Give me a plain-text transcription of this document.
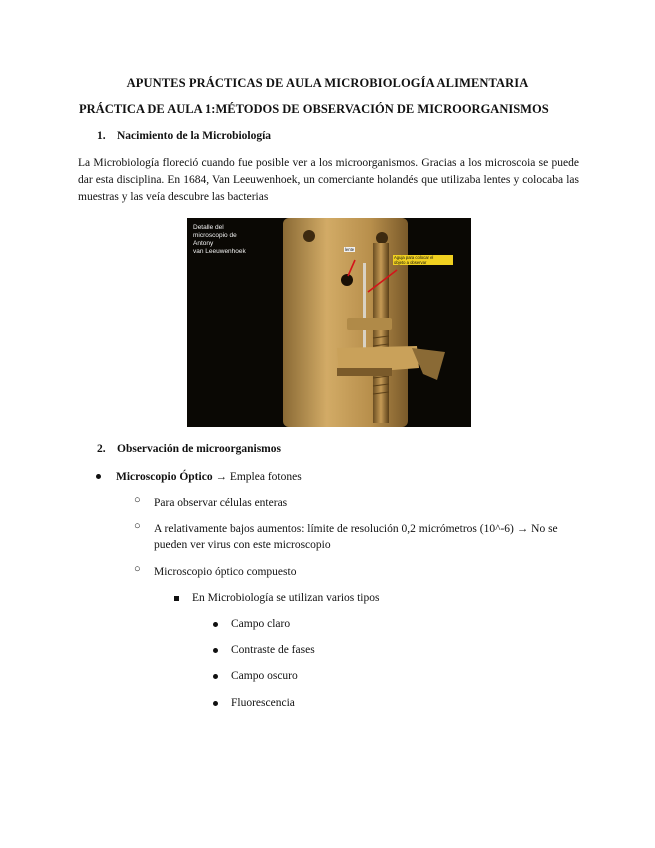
APUNTES PRÁCTICAS DE AULA MICROBIOLOGÍA ALIMENTARIA
PRÁCTICA DE AULA 1:MÉTODOS DE OBSERVACIÓN DE MICROORGANISMOS
1. Nacimiento de la Microbiología
La Microbiología floreció cuando fue posible ver a los microorganismos. Gracias a los microscoia se puede dar esta disciplina. En 1684, Van Leeuwenhoek, un comerciante holandés que utilizaba lentes y colocaba las muestras y las veía descubre las bacterias
Detalle del
microscopio de
Antony
van Leeuwenhoek	lente
Aguja para colocar el
objeto a observar
2. Observación de microorganismos
Microscopio Óptico → Emplea fotones
○ Para observar células enteras
○ A relativamente bajos aumentos: límite de resolución 0,2 micrómetros (10^-6) → No se
pueden ver virus con este microscopio
○ Microscopio óptico compuesto
En Microbiología se utilizan varios tipos
Campo claro
Contraste de fases
Campo oscuro
Fluorescencia
